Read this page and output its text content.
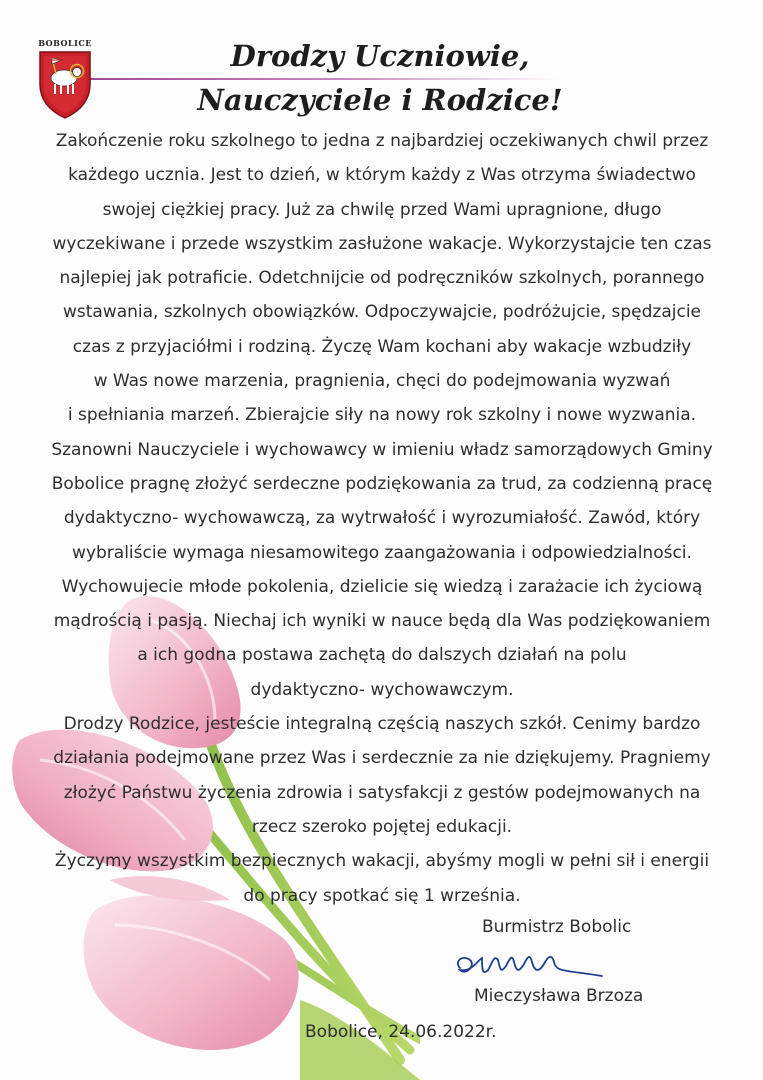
BOBOLICE	Drodzy Uczniowie,
Nauczyciele i Rodzice!
Zakończenie roku szkolnego to jedna z najbardziej oczekiwanych chwil przez
każdego ucznia. Jest to dzień, w którym każdy z Was otrzyma świadectwo
swojej ciężkiej pracy. Już za chwilę przed Wami upragnione, długo
wyczekiwane i przede wszystkim zasłużone wakacje. Wykorzystajcie ten czas
najlepiej jak potraficie. Odetchnijcie od podręczników szkolnych, porannego
wstawania, szkolnych obowiązków. Odpoczywajcie, podróżujcie, spędzajcie
czas z przyjaciółmi i rodziną. Życzę Wam kochani aby wakacje wzbudziły
w Was nowe marzenia, pragnienia, chęci do podejmowania wyzwań
i spełniania marzeń. Zbierajcie siły na nowy rok szkolny i nowe wyzwania.
Szanowni Nauczyciele i wychowawcy w imieniu władz samorządowych Gminy
Bobolice pragnę złożyć serdeczne podziękowania za trud, za codzienną pracę
dydaktyczno- wychowawczą, za wytrwałość i wyrozumiałość. Zawód, który
wybraliście wymaga niesamowitego zaangażowania i odpowiedzialności.
Wychowujecie młode pokolenia, dzielicie się wiedzą i zarażacie ich życiową
mądrością i pasją. Niechaj ich wyniki w nauce będą dla Was podziękowaniem
a ich godna postawa zachętą do dalszych działań na polu
dydaktyczno- wychowawczym.
Drodzy Rodzice, jesteście integralną częścią naszych szkół. Cenimy bardzo
działania podejmowane przez Was i serdecznie za nie dziękujemy. Pragniemy
złożyć Państwu życzenia zdrowia i satysfakcji z gestów podejmowanych na
rzecz szeroko pojętej edukacji.
Życzymy wszystkim bezpiecznych wakacji, abyśmy mogli w pełni sił i energii
do pracy spotkać się 1 września.
Burmistrz Bobolic
Mieczysława Brzoza
Bobolice, 24.06.2022r.
